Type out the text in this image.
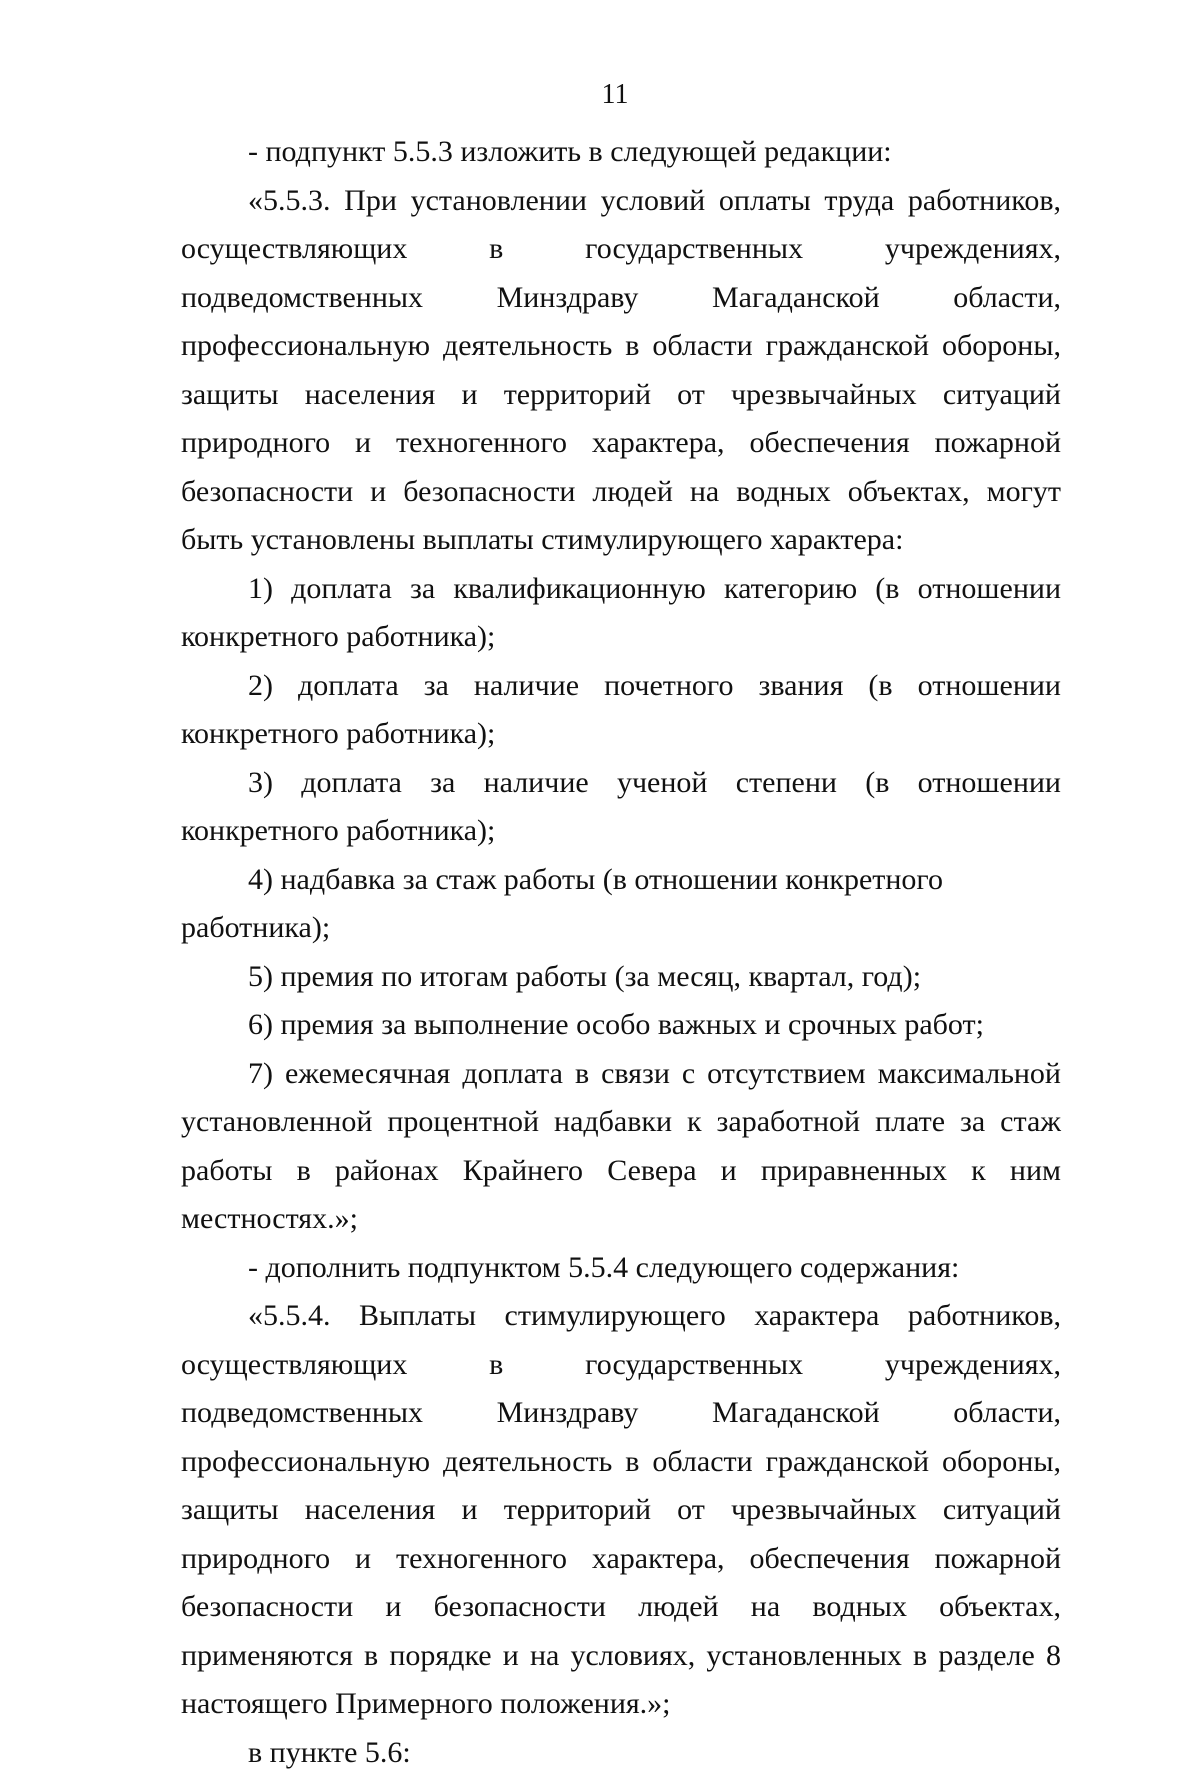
11

- подпункт 5.5.3 изложить в следующей редакции:

«5.5.3. При установлении условий оплаты труда работников, осуществляющих в государственных учреждениях, подведомственных Минздраву Магаданской области, профессиональную деятельность в области гражданской обороны, защиты населения и территорий от чрезвычайных ситуаций природного и техногенного характера, обеспечения пожарной безопасности и безопасности людей на водных объектах, могут быть установлены выплаты стимулирующего характера:

1) доплата за квалификационную категорию (в отношении конкретного работника);

2) доплата за наличие почетного звания (в отношении конкретного работника);

3) доплата за наличие ученой степени (в отношении конкретного работника);

4) надбавка за стаж работы (в отношении конкретного работника);

5) премия по итогам работы (за месяц, квартал, год);

6) премия за выполнение особо важных и срочных работ;

7) ежемесячная доплата в связи с отсутствием максимальной установленной процентной надбавки к заработной плате за стаж работы в районах Крайнего Севера и приравненных к ним местностях.»;

- дополнить подпунктом 5.5.4 следующего содержания:

«5.5.4. Выплаты стимулирующего характера работников, осуществляющих в государственных учреждениях, подведомственных Минздраву Магаданской области, профессиональную деятельность в области гражданской обороны, защиты населения и территорий от чрезвычайных ситуаций природного и техногенного характера, обеспечения пожарной безопасности и безопасности людей на водных объектах, применяются в порядке и на условиях, установленных в разделе 8 настоящего Примерного положения.»;

в пункте 5.6:
